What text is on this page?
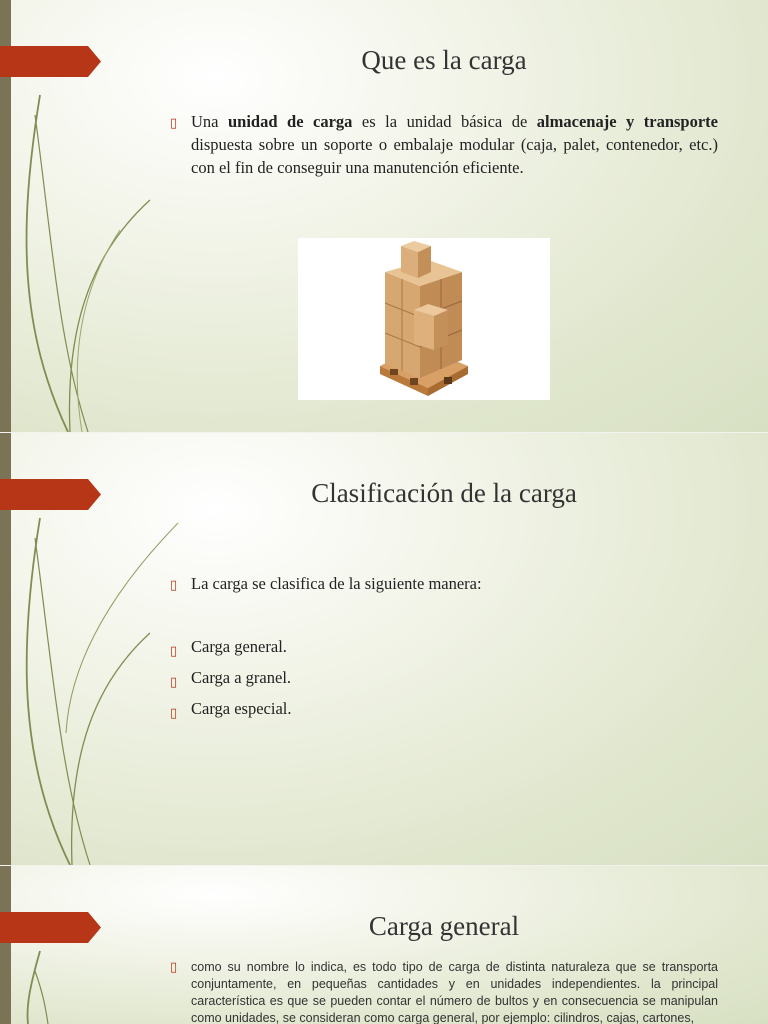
Que es la carga
▯ Una unidad de carga es la unidad básica de almacenaje y transporte dispuesta sobre un soporte o embalaje modular (caja, palet, contenedor, etc.) con el fin de conseguir una manutención eficiente.
Clasificación de la carga
▯ La carga se clasifica de la siguiente manera:
▯ Carga general.
▯ Carga a granel.
▯ Carga especial.
Carga general
▯ como su nombre lo indica, es todo tipo de carga de distinta naturaleza que se transporta conjuntamente, en pequeñas cantidades y en unidades independientes. la principal característica es que se pueden contar el número de bultos y en consecuencia se manipulan como unidades, se consideran como carga general, por ejemplo: cilindros, cajas, cartones,
